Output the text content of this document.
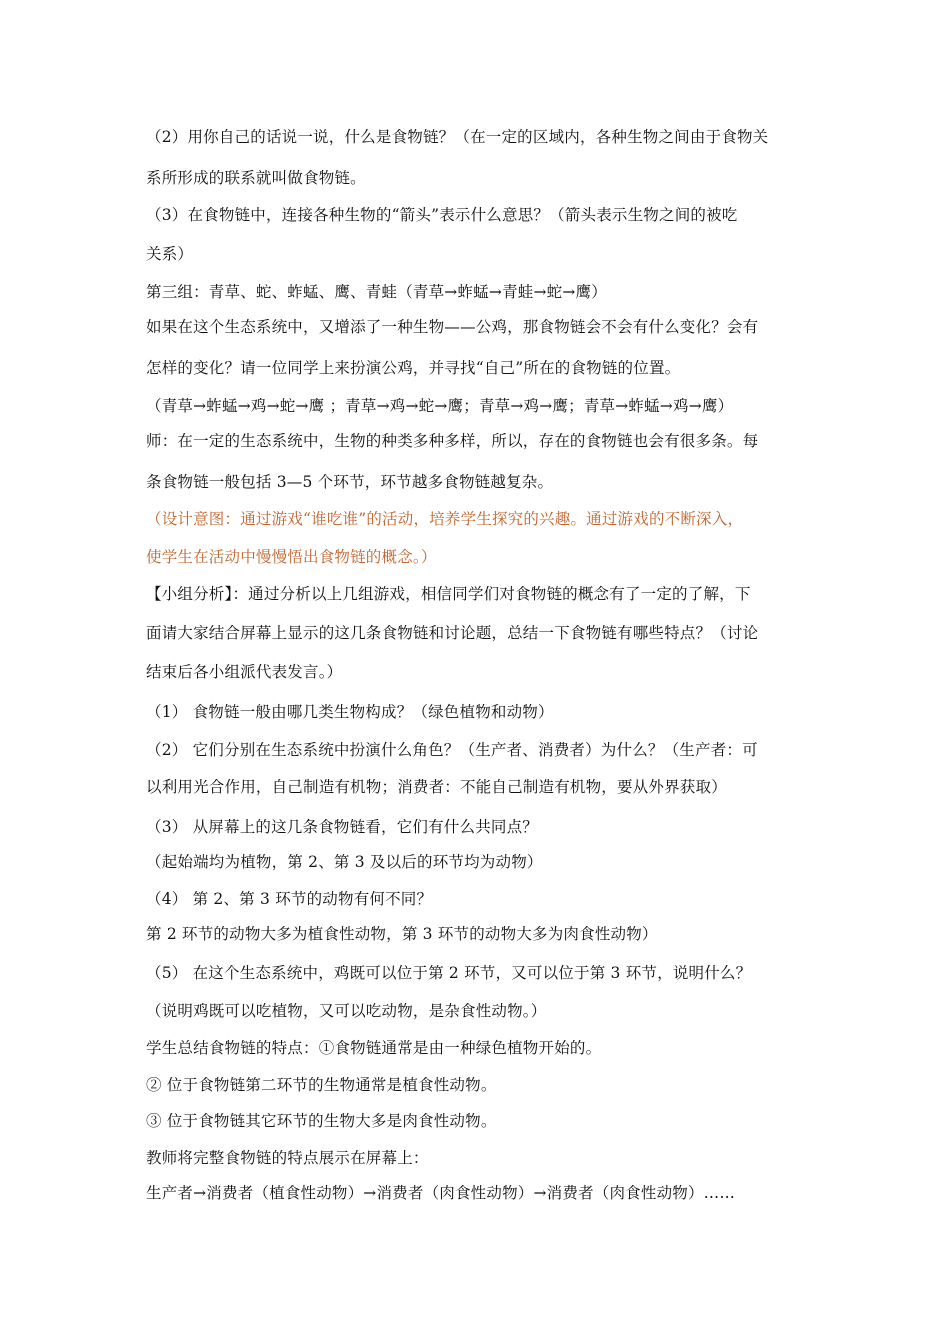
（2）用你自己的话说一说，什么是食物链？（在一定的区域内，各种生物之间由于食物关
系所形成的联系就叫做食物链。
（3）在食物链中，连接各种生物的“箭头”表示什么意思？（箭头表示生物之间的被吃
关系）
第三组：青草、蛇、蚱蜢、鹰、青蛙（青草→蚱蜢→青蛙→蛇→鹰）
如果在这个生态系统中，又增添了一种生物——公鸡，那食物链会不会有什么变化？会有
怎样的变化？请一位同学上来扮演公鸡，并寻找“自己”所在的食物链的位置。
（青草→蚱蜢→鸡→蛇→鹰 ；青草→鸡→蛇→鹰；青草→鸡→鹰；青草→蚱蜢→鸡→鹰）
师：在一定的生态系统中，生物的种类多种多样，所以，存在的食物链也会有很多条。每
条食物链一般包括 3—5 个环节，环节越多食物链越复杂。
（设计意图：通过游戏“谁吃谁”的活动，培养学生探究的兴趣。通过游戏的不断深入，
使学生在活动中慢慢悟出食物链的概念。）
【小组分析】：通过分析以上几组游戏，相信同学们对食物链的概念有了一定的了解，下
面请大家结合屏幕上显示的这几条食物链和讨论题，总结一下食物链有哪些特点？（讨论
结束后各小组派代表发言。）
（1） 食物链一般由哪几类生物构成？（绿色植物和动物）
（2） 它们分别在生态系统中扮演什么角色？（生产者、消费者）为什么？（生产者：可
以利用光合作用，自己制造有机物；消费者：不能自己制造有机物，要从外界获取）
（3） 从屏幕上的这几条食物链看，它们有什么共同点？
（起始端均为植物，第 2、第 3 及以后的环节均为动物）
（4） 第 2、第 3 环节的动物有何不同？
第 2 环节的动物大多为植食性动物，第 3 环节的动物大多为肉食性动物）
（5） 在这个生态系统中，鸡既可以位于第 2 环节，又可以位于第 3 环节，说明什么？
（说明鸡既可以吃植物，又可以吃动物，是杂食性动物。）
学生总结食物链的特点：①食物链通常是由一种绿色植物开始的。
② 位于食物链第二环节的生物通常是植食性动物。
③ 位于食物链其它环节的生物大多是肉食性动物。
教师将完整食物链的特点展示在屏幕上：
生产者→消费者（植食性动物）→消费者（肉食性动物）→消费者（肉食性动物）……
